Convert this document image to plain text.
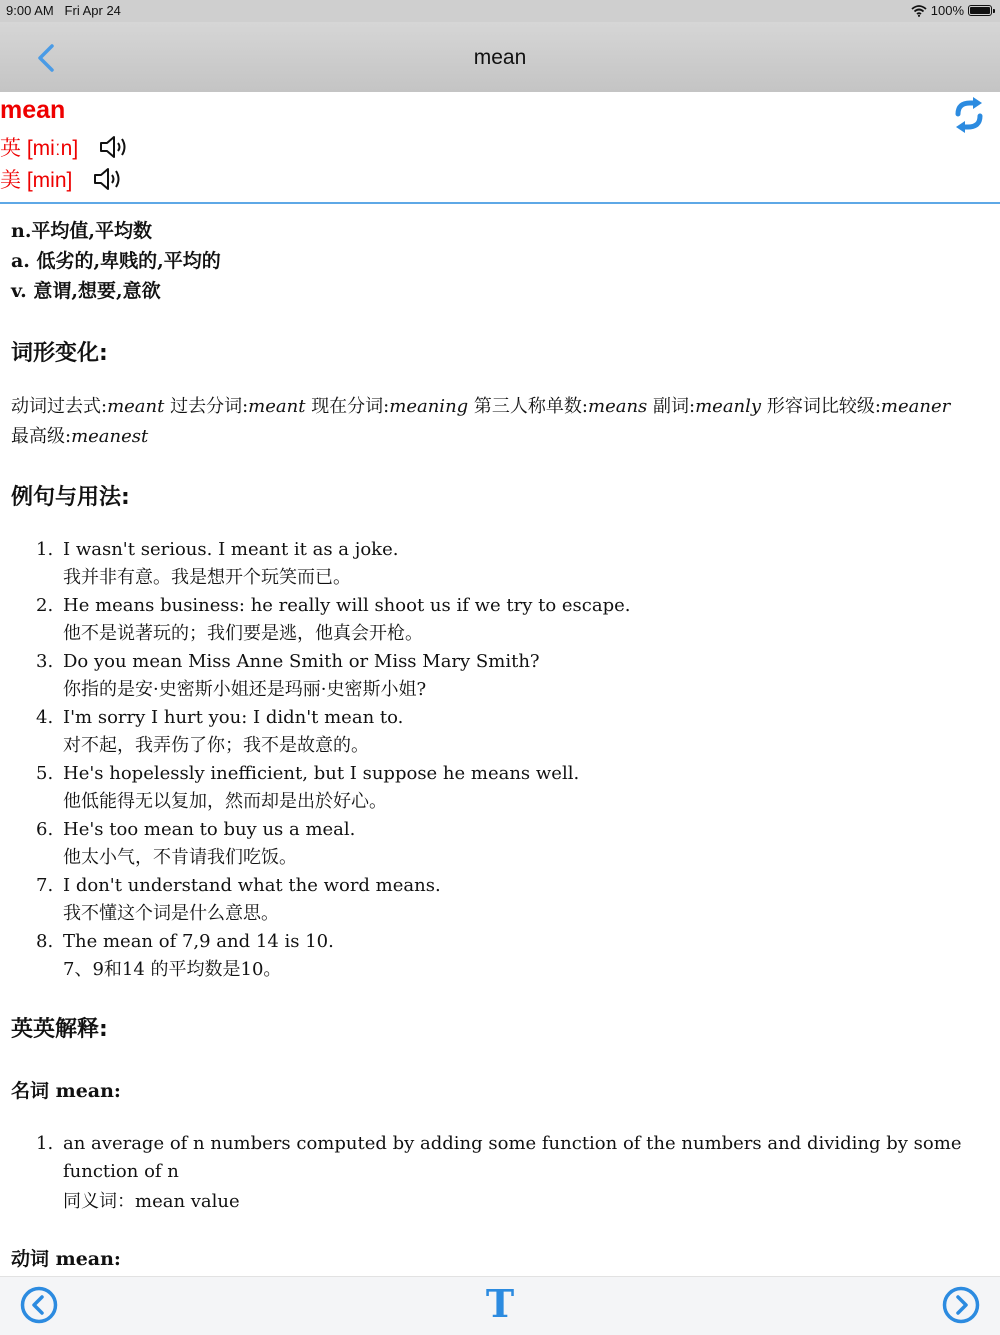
9:00 AM Fri Apr 24	100%
mean
mean
英 [miːn]
美 [min]
n.平均值,平均数
a. 低劣的,卑贱的,平均的
v. 意谓,想要,意欲
词形变化:
动词过去式:meant 过去分词:meant 现在分词:meaning 第三人称单数:means 副词:meanly 形容词比较级:meaner
最高级:meanest
例句与用法:
1. I wasn't serious. I meant it as a joke.
我并非有意。我是想开个玩笑而已。
2. He means business: he really will shoot us if we try to escape.
他不是说著玩的；我们要是逃，他真会开枪。
3. Do you mean Miss Anne Smith or Miss Mary Smith?
你指的是安·史密斯小姐还是玛丽·史密斯小姐?
4. I'm sorry I hurt you: I didn't mean to.
对不起，我弄伤了你；我不是故意的。
5. He's hopelessly inefficient, but I suppose he means well.
他低能得无以复加，然而却是出於好心。
6. He's too mean to buy us a meal.
他太小气，不肯请我们吃饭。
7. I don't understand what the word means.
我不懂这个词是什么意思。
8. The mean of 7,9 and 14 is 10.
7、9和14 的平均数是10。
英英解释:
名词 mean:
1. an average of n numbers computed by adding some function of the numbers and dividing by some function of n
同义词：mean value
动词 mean:
T
